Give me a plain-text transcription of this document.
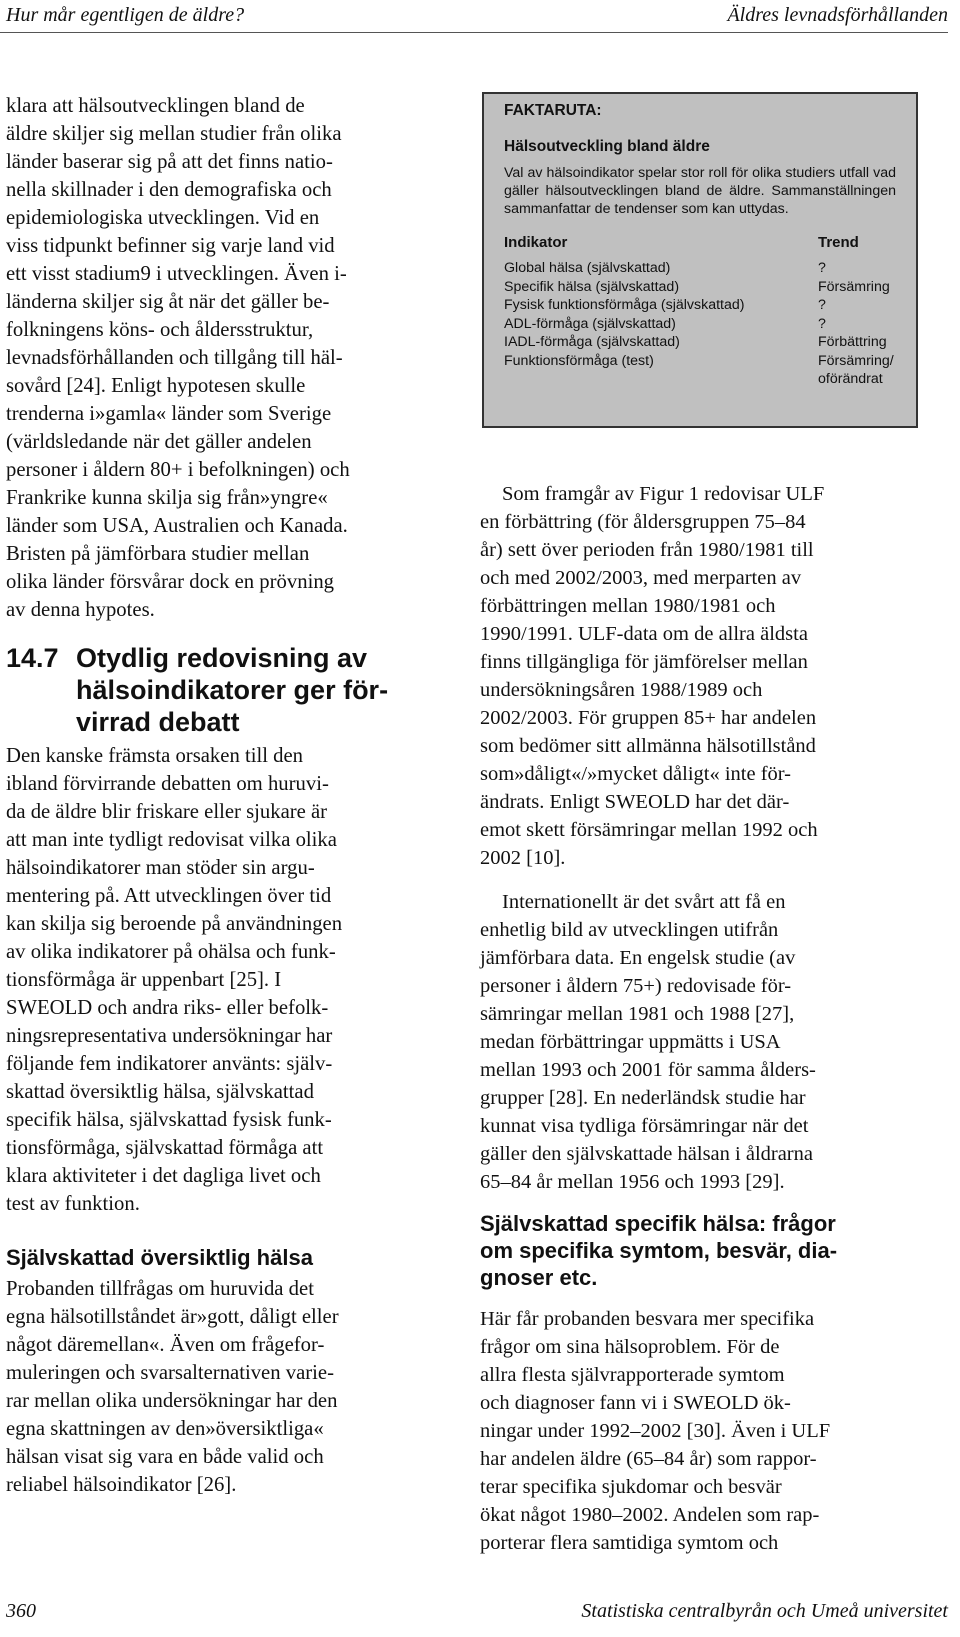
Hur mår egentligen de äldre?	Äldres levnadsförhållanden
klara att hälsoutvecklingen bland de
äldre skiljer sig mellan studier från olika
länder baserar sig på att det finns natio-
nella skillnader i den demografiska och
epidemiologiska utvecklingen. Vid en
viss tidpunkt befinner sig varje land vid
ett visst stadium9 i utvecklingen. Även i-
länderna skiljer sig åt när det gäller be-
folkningens köns- och åldersstruktur,
levnadsförhållanden och tillgång till häl-
sovård [24]. Enligt hypotesen skulle
trenderna i»gamla« länder som Sverige
(världsledande när det gäller andelen
personer i åldern 80+ i befolkningen) och
Frankrike kunna skilja sig från»yngre«
länder som USA, Australien och Kanada.
Bristen på jämförbara studier mellan
olika länder försvårar dock en prövning
av denna hypotes.
14.7 Otydlig redovisning av
hälsoindikatorer ger för-
virrad debatt
Den kanske främsta orsaken till den
ibland förvirrande debatten om huruvi-
da de äldre blir friskare eller sjukare är
att man inte tydligt redovisat vilka olika
hälsoindikatorer man stöder sin argu-
mentering på. Att utvecklingen över tid
kan skilja sig beroende på användningen
av olika indikatorer på ohälsa och funk-
tionsförmåga är uppenbart [25]. I
SWEOLD och andra riks- eller befolk-
ningsrepresentativa undersökningar har
följande fem indikatorer använts: själv-
skattad översiktlig hälsa, självskattad
specifik hälsa, självskattad fysisk funk-
tionsförmåga, självskattad förmåga att
klara aktiviteter i det dagliga livet och
test av funktion.
Självskattad översiktlig hälsa
Probanden tillfrågas om huruvida det
egna hälsotillståndet är»gott, dåligt eller
något däremellan«. Även om frågefor-
muleringen och svarsalternativen varie-
rar mellan olika undersökningar har den
egna skattningen av den»översiktliga«
hälsan visat sig vara en både valid och
reliabel hälsoindikator [26].
FAKTARUTA:
Hälsoutveckling bland äldre
Val av hälsoindikator spelar stor roll för olika studiers utfall vad gäller hälsoutvecklingen bland de äldre. Sammanställningen sammanfattar de tendenser som kan uttydas.
Indikator	Trend
Global hälsa (självskattad)	?
Specifik hälsa (självskattad)	Försämring
Fysisk funktionsförmåga (självskattad)	?
ADL-förmåga (självskattad)	?
IADL-förmåga (självskattad)	Förbättring
Funktionsförmåga (test)	Försämring/ oförändrat
Som framgår av Figur 1 redovisar ULF
en förbättring (för åldersgruppen 75–84
år) sett över perioden från 1980/1981 till
och med 2002/2003, med merparten av
förbättringen mellan 1980/1981 och
1990/1991. ULF-data om de allra äldsta
finns tillgängliga för jämförelser mellan
undersökningsåren 1988/1989 och
2002/2003. För gruppen 85+ har andelen
som bedömer sitt allmänna hälsotillstånd
som»dåligt«/»mycket dåligt« inte för-
ändrats. Enligt SWEOLD har det där-
emot skett försämringar mellan 1992 och
2002 [10].
Internationellt är det svårt att få en
enhetlig bild av utvecklingen utifrån
jämförbara data. En engelsk studie (av
personer i åldern 75+) redovisade för-
sämringar mellan 1981 och 1988 [27],
medan förbättringar uppmätts i USA
mellan 1993 och 2001 för samma ålders-
grupper [28]. En nederländsk studie har
kunnat visa tydliga försämringar när det
gäller den självskattade hälsan i åldrarna
65–84 år mellan 1956 och 1993 [29].
Självskattad specifik hälsa: frågor
om specifika symtom, besvär, dia-
gnoser etc.
Här får probanden besvara mer specifika
frågor om sina hälsoproblem. För de
allra flesta självrapporterade symtom
och diagnoser fann vi i SWEOLD ök-
ningar under 1992–2002 [30]. Även i ULF
har andelen äldre (65–84 år) som rappor-
terar specifika sjukdomar och besvär
ökat något 1980–2002. Andelen som rap-
porterar flera samtidiga symtom och
360	Statistiska centralbyrån och Umeå universitet
